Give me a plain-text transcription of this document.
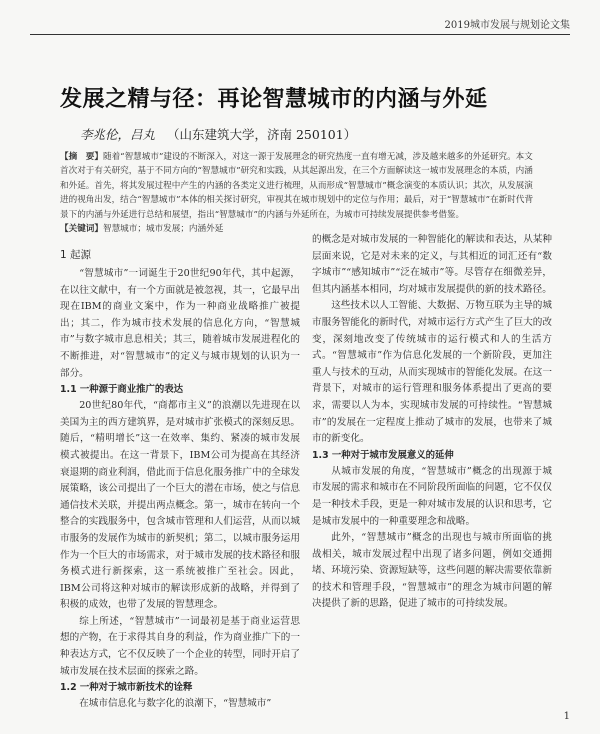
2019城市发展与规划论文集
发展之精与径：再论智慧城市的内涵与外延
李兆伦，吕丸 （山东建筑大学，济南 250101）
【摘　要】随着“智慧城市”建设的不断深入，对这一源于发展理念的研究热度一直有增无减，涉及越来越多的外延研究。本文首次对于有关研究，基于不同方向的“智慧城市”研究和实践，从其起源出发，在三个方面解读这一城市发展理念的本质，内涵和外延。首先，将其发展过程中产生的内涵的各类定义进行梳理，从而形成“智慧城市”概念演变的本质认识；其次，从发展演进的视角出发，结合“智慧城市”本体的相关探讨研究，审视其在城市规划中的定位与作用；最后，对于“智慧城市”在新时代背景下的内涵与外延进行总结和展望，指出“智慧城市”的内涵与外延所在，为城市可持续发展提供参考借鉴。
【关键词】智慧城市；城市发展；内涵外延
1 起源

“智慧城市”一词诞生于20世纪90年代，其中起源，在以往文献中，有一个方面就是被忽视，其一，它最早出现在IBM的商业文案中，作为一种商业战略推广被提出；其二，作为城市技术发展的信息化方向，“智慧城市”与数字城市息息相关；其三，随着城市发展进程化的不断推进，对“智慧城市”的定义与城市规划的认识为一部分。

1.1 一种源于商业推广的表达

20世纪80年代，“商都市主义”的浪潮以先进现在以美国为主的西方建筑界，是对城市扩张模式的深刻反思。随后，“精明增长”这一在效率、集约、紧凑的城市发展模式被提出。在这一背景下，IBM公司为提高在其经济衰退期的商业利润，借此而于信息化服务推广中的全球发展策略，该公司提出了一个巨大的潜在市场，使之与信息通信技术关联，并提出两点概念。第一，城市在转向一个整合的实践服务中，包含城市管理和人们运营，从而以城市服务的发展作为城市的新契机；第二，以城市服务运用作为一个巨大的市场需求，对于城市发展的技术路径和服务模式进行新探索，这一系统被推广至社会。因此，IBM公司将这种对城市的解读形成新的战略，并得到了积极的成效，也带了发展的智慧理念。

综上所述，“智慧城市”一词最初是基于商业运营思想的产物，在于求得其自身的利益，作为商业推广下的一种表达方式，它不仅反映了一个企业的转型，同时开启了城市发展在技术层面的探索之路。

1.2 一种对于城市新技术的诠释

在城市信息化与数字化的浪潮下，“智慧城市”

的概念是对城市发展的一种智能化的解读和表达，从某种层面来说，它是对未来的定义，与其相近的词汇还有“数字城市”“感知城市”“泛在城市”等。尽管存在细微差异，但其内涵基本相同，均对城市发展提供的新的技术路径。

这些技术以人工智能、大数据、万物互联为主导的城市服务智能化的新时代，对城市运行方式产生了巨大的改变，深刻地改变了传统城市的运行模式和人的生活方式。“智慧城市”作为信息化发展的一个新阶段，更加注重人与技术的互动，从而实现城市的智能化发展。在这一背景下，对城市的运行管理和服务体系提出了更高的要求，需要以人为本，实现城市发展的可持续性。“智慧城市”的发展在一定程度上推动了城市的发展，也带来了城市的新变化。

1.3 一种对于城市发展意义的延伸

从城市发展的角度，“智慧城市”概念的出现源于城市发展的需求和城市在不同阶段所面临的问题，它不仅仅是一种技术手段，更是一种对城市发展的认识和思考，它是城市发展中的一种重要理念和战略。

此外，“智慧城市”概念的出现也与城市所面临的挑战相关，城市发展过程中出现了诸多问题，例如交通拥堵、环境污染、资源短缺等，这些问题的解决需要依靠新的技术和管理手段，“智慧城市”的理念为城市问题的解决提供了新的思路，促进了城市的可持续发展。

1
